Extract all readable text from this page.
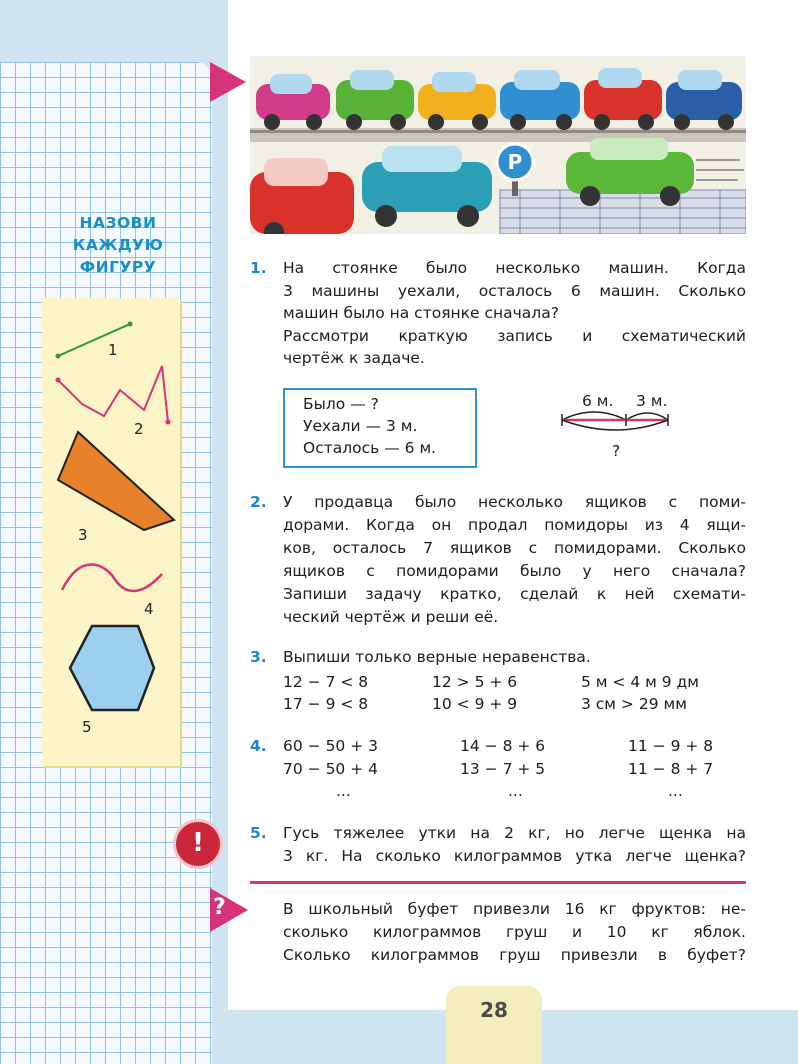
P
НАЗОВИ
КАЖДУЮ
ФИГУРУ
1
2
3
4
5
1.	На стоянке было несколько машин. Когда
3 машины уехали, осталось 6 машин. Сколько
машин было на стоянке сначала?
Рассмотри краткую запись и схематический
чертёж к задаче.
Было — ?
Уехали — 3 м.
Осталось — 6 м.
6 м. 3 м.
?
2.	У продавца было несколько ящиков с поми-
дорами. Когда он продал помидоры из 4 ящи-
ков, осталось 7 ящиков с помидорами. Сколько
ящиков с помидорами было у него сначала?
Запиши задачу кратко, сделай к ней схемати-
ческий чертёж и реши её.
3.	Выпиши только верные неравенства.
12 − 7 < 8	12 > 5 + 6	5 м < 4 м 9 дм
17 − 9 < 8	10 < 9 + 9	3 см > 29 мм
4.	60 − 50 + 3	14 − 8 + 6	11 − 9 + 8
70 − 50 + 4	13 − 7 + 5	11 − 8 + 7
...	...	...
!	5.	Гусь тяжелее утки на 2 кг, но легче щенка на
3 кг. На сколько килограммов утка легче щенка?
?	В школьный буфет привезли 16 кг фруктов: не-
сколько килограммов груш и 10 кг яблок.
Сколько килограммов груш привезли в буфет?
28
